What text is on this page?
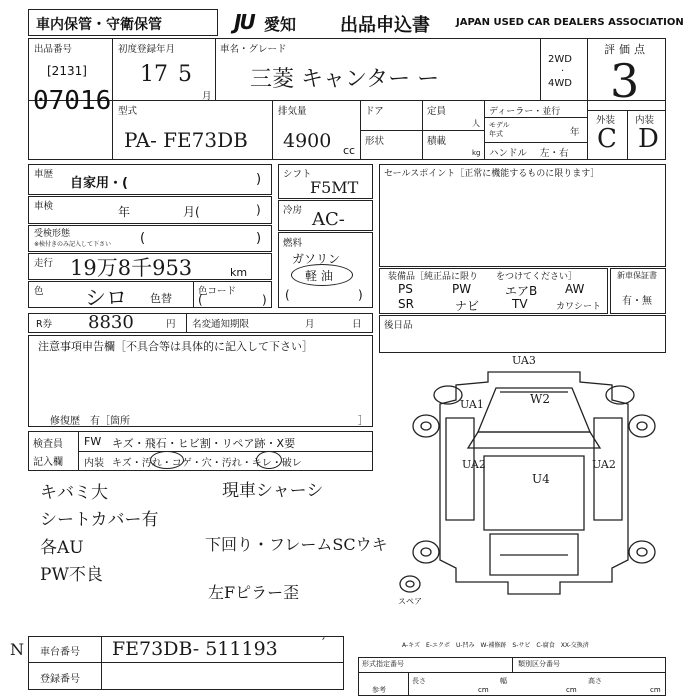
車内保管・守衛保管	JU 愛知 出品申込書	JAPAN USED CAR DEALERS ASSOCIATION
出品番号
[2131]
07016
初度登録年月
17 5
月
車名・グレード
三菱 キャンター ー
2WD
·
4WD
評価点
3
型式
PA- FE73DB
排気量
4900 cc
ドア	定員
人
形状	積載
kg
ディーラー・並行
モデル
年式	年
ハンドル 左・右
外装 内装
C D
車歴
自家用・(	)
車検	年	月(	)
受検形態
※検付きのみ記入して下さい (	)
走行 19万8千953	km
色 シロ 色替
色コード
(	)
シフト
F5MT
冷房 AC-
燃料
ガソリン
軽 油
(	)
セールスポイント［正常に機能するものに限ります］
装備品［純正品に限り　　をつけてください］
PS	PW	エアB AW
SR	ナビ	TV	カワシート
新車保証書
有・無
R券 8830	円 名変通知期限	月	日 後日品
注意事項申告欄［不具合等は具体的に記入して下さい］
修復歴　有［箇所	］
検査員
記入欄
FW キズ・飛石・ヒビ割・リペア跡・X要
内装 キズ・汚れ・コゲ・穴・汚れ・キレ・破レ
キバミ大	現車シャーシ
シートカバー有
各AU	下回り・フレームSCウキ
PW不良
左Fピラー歪
UA3
UA1	W2
UA2
U4
UA2
スペア
A-キズ　E-エクボ　U-凹み　W-補修跡　S-サビ　C-腐食　XX-交換済
N 車台番号 FE73DB- 511193	′
登録番号
形式指定番号	類別区分番号
参考
長さ
cm
幅
cm
高さ
cm
